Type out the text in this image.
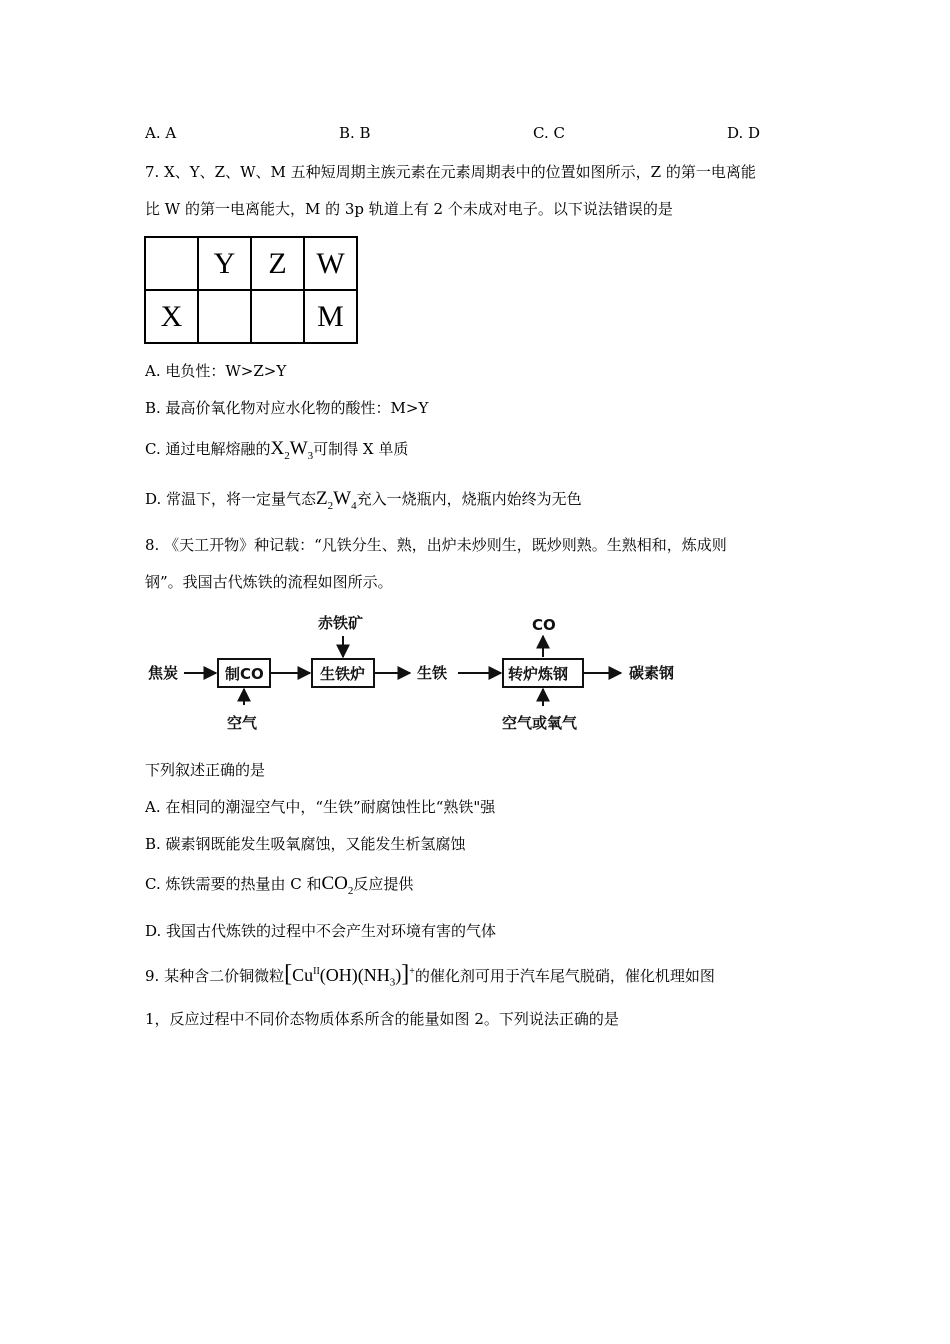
A. A	B. B	C. C	D. D
7. X、Y、Z、W、M 五种短周期主族元素在元素周期表中的位置如图所示，Z 的第一电离能
比 W 的第一电离能大，M 的 3p 轨道上有 2 个未成对电子。以下说法错误的是
	Y	Z	W
X			M
A. 电负性：W>Z>Y
B. 最高价氧化物对应水化物的酸性：M>Y
C. 通过电解熔融的$X_2W_3$可制得 X 单质
D. 常温下，将一定量气态$Z_2W_4$充入一烧瓶内，烧瓶内始终为无色
8. 《天工开物》种记载：“凡铁分生、熟，出炉未炒则生，既炒则熟。生熟相和，炼成则
钢”。我国古代炼铁的流程如图所示。
焦炭	制CO
赤铁矿
生铁炉	生铁	转炉炼钢
CO
碳素钢
空气	空气或氧气
下列叙述正确的是
A. 在相同的潮湿空气中，“生铁”耐腐蚀性比“熟铁"强
B. 碳素钢既能发生吸氧腐蚀，又能发生析氢腐蚀
C. 炼铁需要的热量由 C 和$CO_2$反应提供
D. 我国古代炼铁的过程中不会产生对环境有害的气体
9. 某种含二价铜微粒$[Cu^{II}(OH)(NH_3)]^+$的催化剂可用于汽车尾气脱硝，催化机理如图
1，反应过程中不同价态物质体系所含的能量如图 2。下列说法正确的是
